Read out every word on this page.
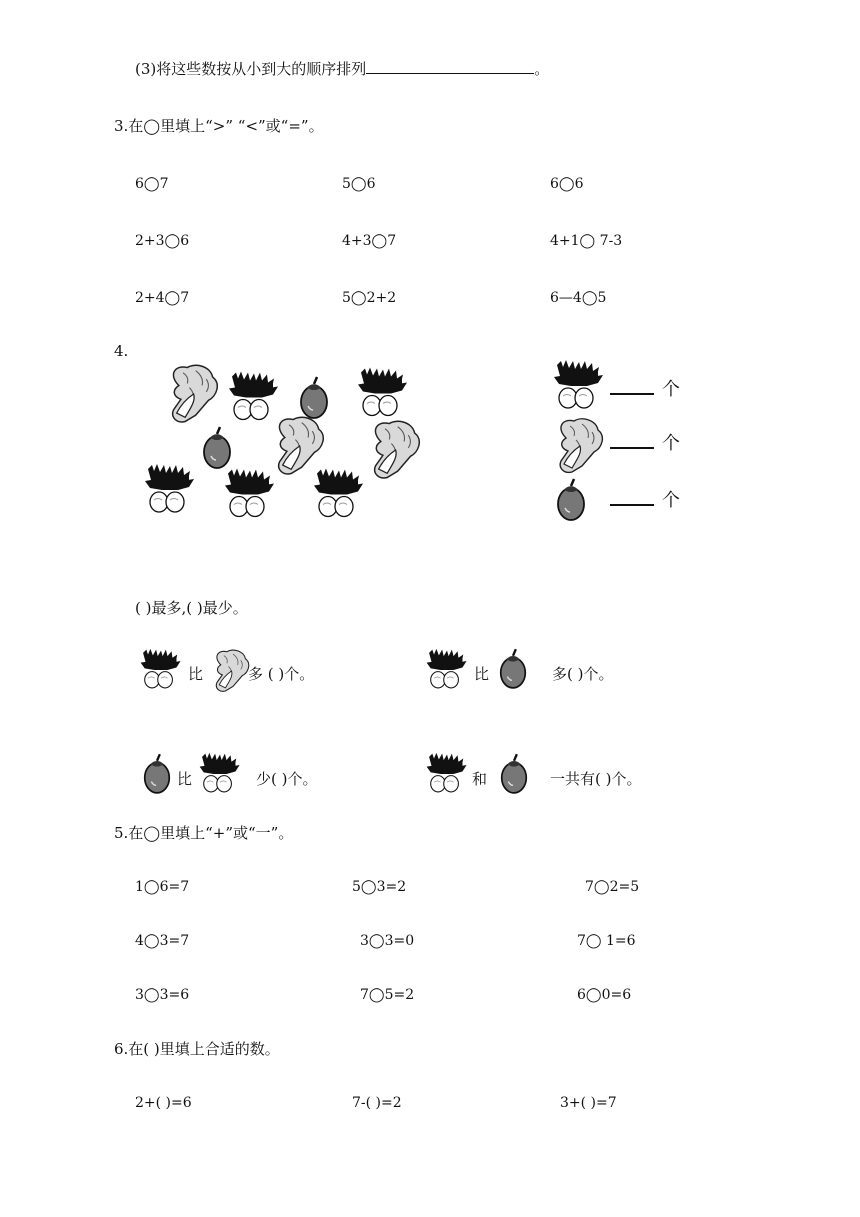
(3)将这些数按从小到大的顺序排列	。
3.在◯里填上“>” “<”或“=”。
6◯7	5◯6	6◯6
2+3◯6	4+3◯7	4+1◯ 7-3
2+4◯7	5◯2+2	6—4◯5
4.
个
个
个
( )最多,( )最少。
比	多 ( )个。	比	多( )个。
比	少( )个。	和	一共有( )个。
5.在◯里填上“+”或“一”。
1◯6=7	5◯3=2	7◯2=5
4◯3=7	3◯3=0	7◯ 1=6
3◯3=6	7◯5=2	6◯0=6
6.在( )里填上合适的数。
2+( )=6	7-( )=2	3+( )=7
